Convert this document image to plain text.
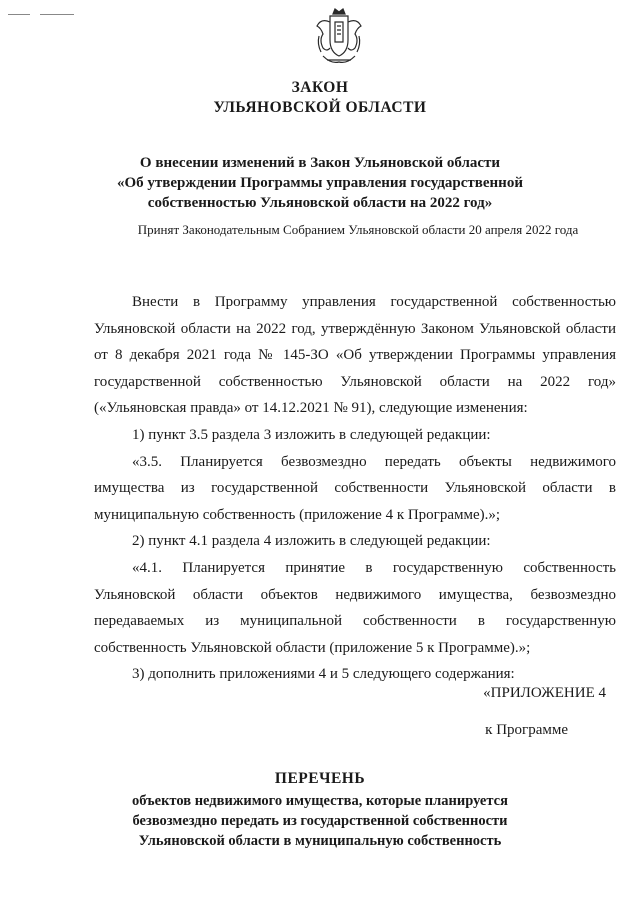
ЗАКОН
УЛЬЯНОВСКОЙ ОБЛАСТИ
О внесении изменений в Закон Ульяновской области
«Об утверждении Программы управления государственной
собственностью Ульяновской области на 2022 год»
Принят Законодательным Собранием Ульяновской области 20 апреля 2022 года

Внести в Программу управления государственной собственностью Ульяновской области на 2022 год, утверждённую Законом Ульяновской области от 8 декабря 2021 года № 145-ЗО «Об утверждении Программы управления государственной собственностью Ульяновской области на 2022 год» («Ульяновская правда» от 14.12.2021 № 91), следующие изменения:

1) пункт 3.5 раздела 3 изложить в следующей редакции:

«3.5. Планируется безвозмездно передать объекты недвижимого имущества из государственной собственности Ульяновской области в муниципальную собственность (приложение 4 к Программе).»;

2) пункт 4.1 раздела 4 изложить в следующей редакции:

«4.1. Планируется принятие в государственную собственность Ульяновской области объектов недвижимого имущества, безвозмездно передаваемых из муниципальной собственности в государственную собственность Ульяновской области (приложение 5 к Программе).»;

3) дополнить приложениями 4 и 5 следующего содержания:

«ПРИЛОЖЕНИЕ 4
к Программе
ПЕРЕЧЕНЬ
объектов недвижимого имущества, которые планируется
безвозмездно передать из государственной собственности
Ульяновской области в муниципальную собственность
